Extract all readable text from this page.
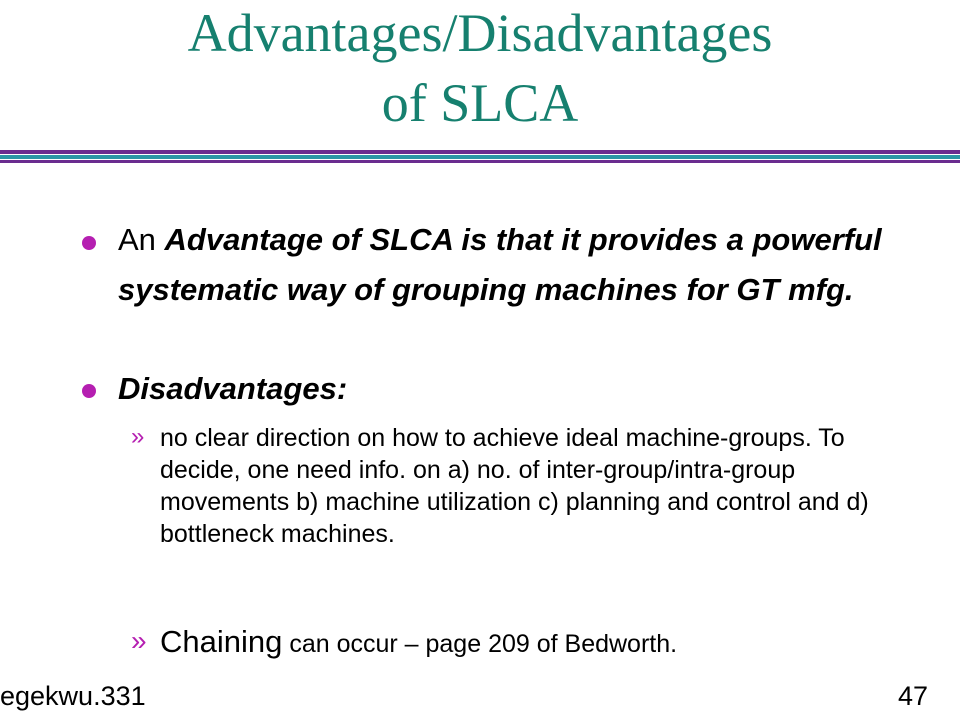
Advantages/Disadvantages
of SLCA
An Advantage of SLCA is that it provides a powerful systematic way of grouping machines for GT mfg.
Disadvantages:
» no clear direction on how to achieve ideal machine-groups. To decide, one need info. on a) no. of inter-group/intra-group movements b) machine utilization c) planning and control and d) bottleneck machines.
» Chaining can occur – page 209 of Bedworth.
egekwu.331	47
